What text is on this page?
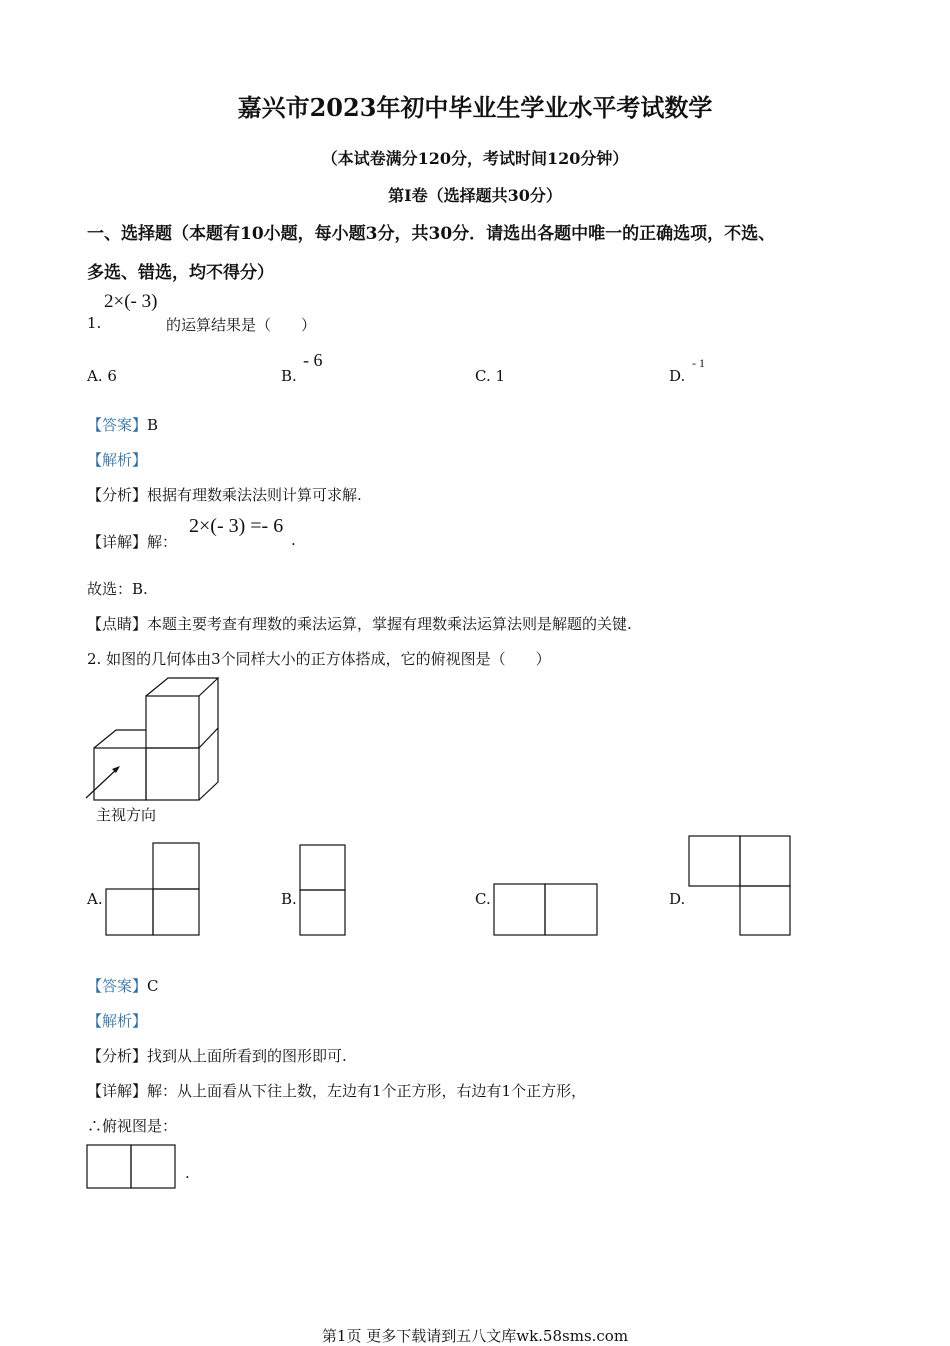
嘉兴市2023年初中毕业生学业水平考试数学
（本试卷满分120分，考试时间120分钟）
第I卷（选择题共30分）
一、选择题（本题有10小题，每小题3分，共30分．请选出各题中唯一的正确选项，不选、
多选、错选，均不得分）
2×(- 3)
1.	的运算结果是（　　）
A. 6	B.
- 6
C. 1	D.
- 1
【答案】B
【解析】
【分析】根据有理数乘法法则计算可求解.
【详解】解：
2×(- 3) =- 6
.
故选：B.
【点睛】本题主要考查有理数的乘法运算，掌握有理数乘法运算法则是解题的关键.
2. 如图的几何体由3个同样大小的正方体搭成，它的俯视图是（　　）
主视方向
A.	B.	C.	D.
【答案】C
【解析】
【分析】找到从上面所看到的图形即可.
【详解】解：从上面看从下往上数，左边有1个正方形，右边有1个正方形，
∴俯视图是：
.
第1页 更多下载请到五八文库wk.58sms.com
